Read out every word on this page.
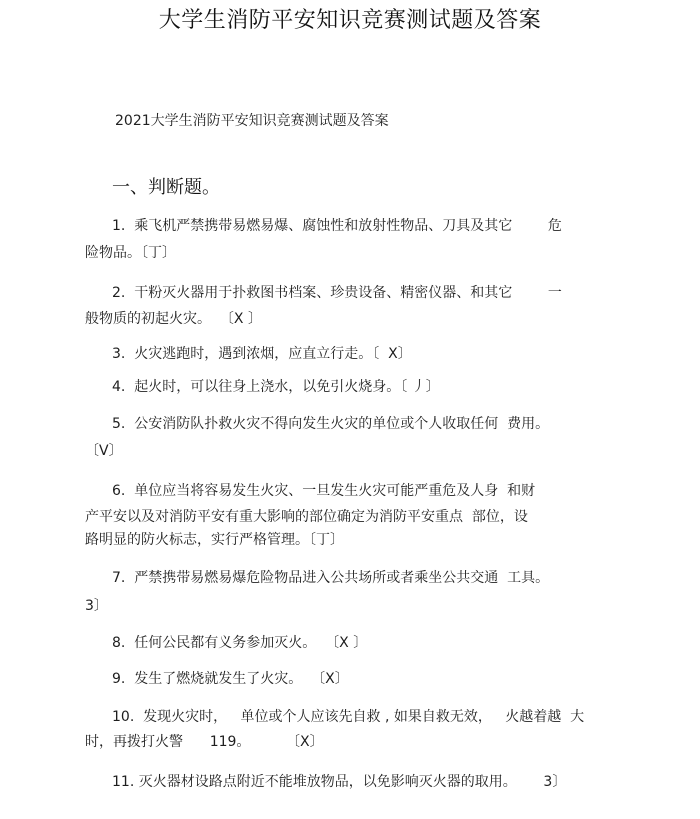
大学生消防平安知识竞赛测试题及答案
2021大学生消防平安知识竞赛测试题及答案
一、判断题。
1.  乘飞机严禁携带易燃易爆、腐蚀性和放射性物品、刀具及其它        危
险物品。〔丁〕
2.  干粉灭火器用于扑救图书档案、珍贵设备、精密仪器、和其它        一
般物质的初起火灾。  〔X 〕
3.  火灾逃跑时，遇到浓烟，应直立行走。〔  X〕
4.  起火时，可以往身上浇水，以免引火烧身。〔 丿〕
5.  公安消防队扑救火灾不得向发生火灾的单位或个人收取任何  费用。
〔V〕
6.  单位应当将容易发生火灾、一旦发生火灾可能严重危及人身  和财
产平安以及对消防平安有重大影响的部位确定为消防平安重点  部位，设
路明显的防火标志，实行严格管理。〔丁〕
7.  严禁携带易燃易爆危险物品进入公共场所或者乘坐公共交通  工具。
3〕
8.  任何公民都有义务参加灭火。  〔X 〕
9.  发生了燃烧就发生了火灾。  〔X〕
10.  发现火灾时，   单位或个人应该先自救 , 如果自救无效，   火越着越  大
时，再拨打火警      119。        〔X〕
11. 灭火器材设路点附近不能堆放物品，以免影响灭火器的取用。      3〕
